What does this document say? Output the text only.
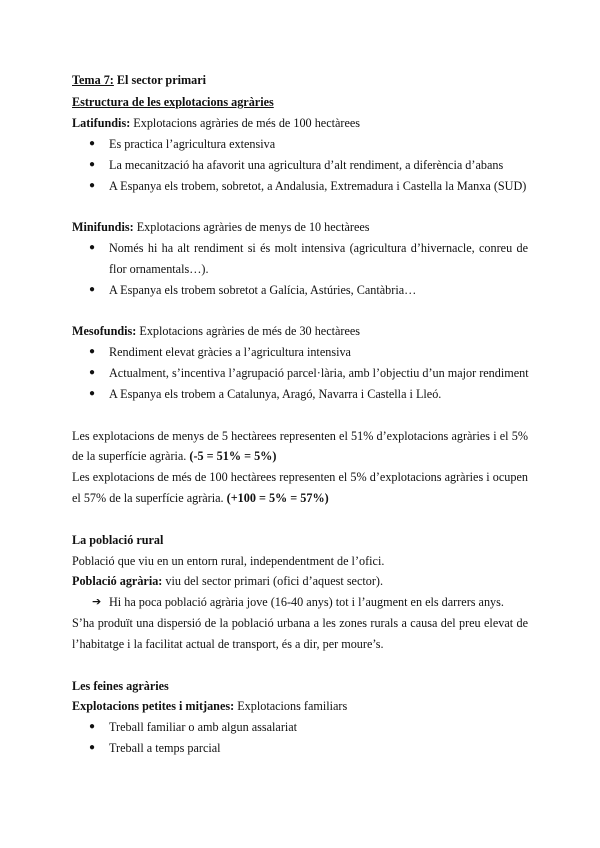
Tema 7: El sector primari
Estructura de les explotacions agràries
Latifundis: Explotacions agràries de més de 100 hectàrees
● Es practica l’agricultura extensiva
● La mecanització ha afavorit una agricultura d’alt rendiment, a diferència d’abans
● A Espanya els trobem, sobretot, a Andalusia, Extremadura i Castella la Manxa (SUD)
Minifundis: Explotacions agràries de menys de 10 hectàrees
● Només hi ha alt rendiment si és molt intensiva (agricultura d’hivernacle, conreu de
flor ornamentals…).
● A Espanya els trobem sobretot a Galícia, Astúries, Cantàbria…
Mesofundis: Explotacions agràries de més de 30 hectàrees
● Rendiment elevat gràcies a l’agricultura intensiva
● Actualment, s’incentiva l’agrupació parcel·lària, amb l’objectiu d’un major rendiment
● A Espanya els trobem a Catalunya, Aragó, Navarra i Castella i Lleó.
Les explotacions de menys de 5 hectàrees representen el 51% d’explotacions agràries i el 5%
de la superfície agrària. (-5 = 51% = 5%)
Les explotacions de més de 100 hectàrees representen el 5% d’explotacions agràries i ocupen
el 57% de la superfície agrària. (+100 = 5% = 57%)
La població rural
Població que viu en un entorn rural, independentment de l’ofici.
Població agrària: viu del sector primari (ofici d’aquest sector).
➔ Hi ha poca població agrària jove (16-40 anys) tot i l’augment en els darrers anys.
S’ha produït una dispersió de la població urbana a les zones rurals a causa del preu elevat de
l’habitatge i la facilitat actual de transport, és a dir, per moure’s.
Les feines agràries
Explotacions petites i mitjanes: Explotacions familiars
● Treball familiar o amb algun assalariat
● Treball a temps parcial
